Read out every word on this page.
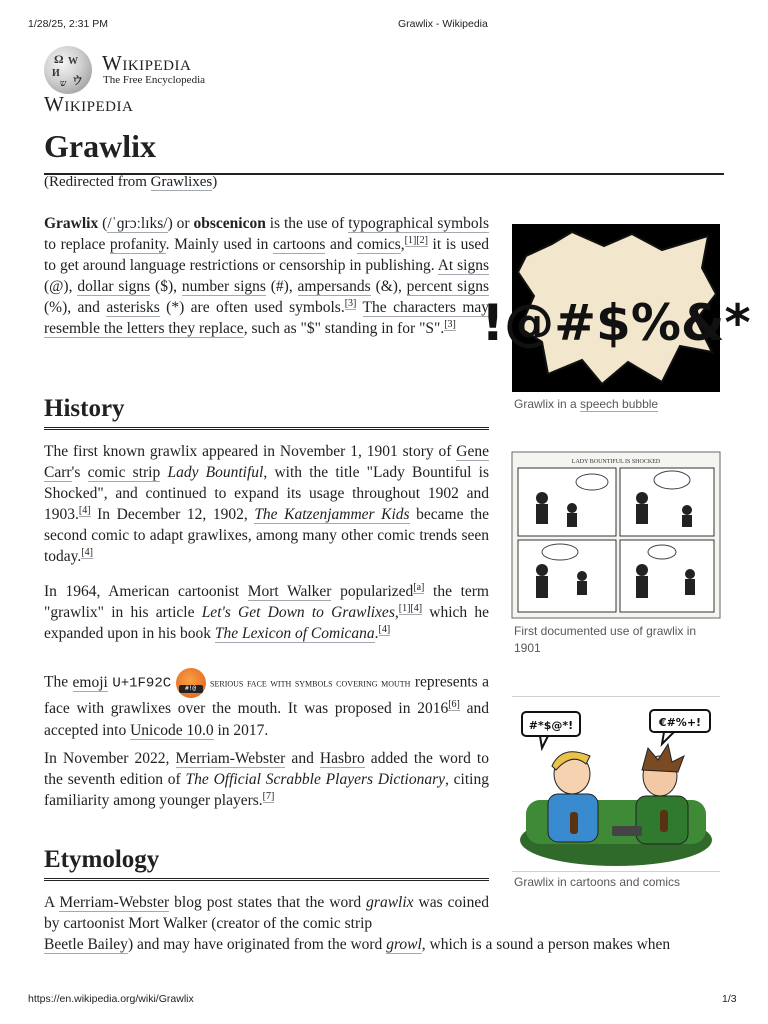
1/28/25, 2:31 PM	Grawlix - Wikipedia
Ω W
И
ウ
ש
Wikipedia
The Free Encyclopedia
Wikipedia
Grawlix
(Redirected from Grawlixes)

Grawlix (/ˈɡrɔːlɪks/) or obscenicon is the use of typographical symbols to replace profanity. Mainly used in cartoons and comics,[1][2] it is used to get around language restrictions or censorship in publishing. At signs (@), dollar signs ($), number signs (#), ampersands (&), percent signs (%), and asterisks (*) are often used symbols.[3] The characters may resemble the letters they replace, such as "$" standing in for "S".[3]

History

The first known grawlix appeared in November 1, 1901 story of Gene Carr's comic strip Lady Bountiful, with the title "Lady Bountiful is Shocked", and continued to expand its usage throughout 1902 and 1903.[4] In December 12, 1902, The Katzenjammer Kids became the second comic to adapt grawlixes, among many other comic trends seen today.[4]

In 1964, American cartoonist Mort Walker popularized[a] the term "grawlix" in his article Let's Get Down to Grawlixes,[1][4] which he expanded upon in his book The Lexicon of Comicana.[4]

The emoji U+1F92C	#!@	serious face with symbols covering mouth represents a face with grawlixes over the mouth. It was proposed in 2016[6] and accepted into Unicode 10.0 in 2017.

In November 2022, Merriam-Webster and Hasbro added the word to the seventh edition of The Official Scrabble Players Dictionary, citing familiarity among younger players.[7]

Etymology

A Merriam-Webster blog post states that the word grawlix was coined by cartoonist Mort Walker (creator of the comic strip

Beetle Bailey) and may have originated from the word growl, which is a sound a person makes when

!@#$%&*
Grawlix in a speech bubble
LADY BOUNTIFUL IS SHOCKED
First documented use of grawlix in 1901
#*$@*!	€#%+!
Grawlix in cartoons and comics
https://en.wikipedia.org/wiki/Grawlix	1/3
